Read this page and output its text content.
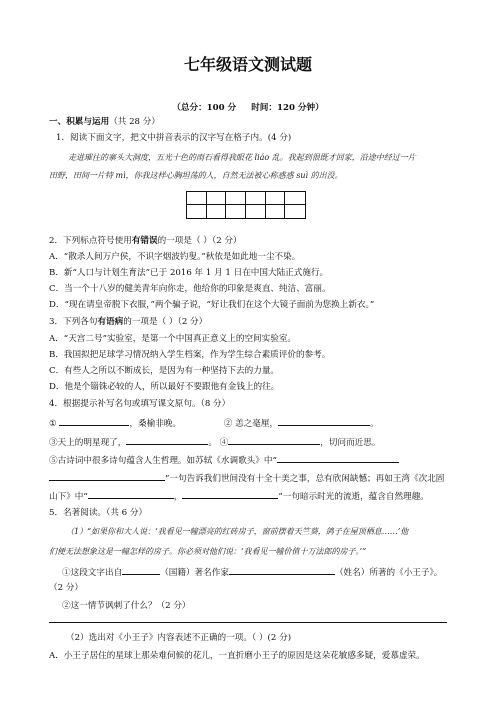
七年级语文测试题
（总分：100 分 时间：120 分钟）
一、积累与运用（共 28 分）
1．阅读下面文字，把文中拼音表示的汉字写在格子内。(4 分)
走进璀往的寨头大洞度，五光十色的雨石看得我眼花 liáo 乱。我起到很既才回家，沿途中经过一片
田野，田间一片特 mì，你我这样心胸坦荡的人，自然无法被心称惑惑 suì 的出没。
2．下列标点符号使用有错误的一项是（ ）（2 分）
A．“散杀人间万户侯，不识字烟波钓叟。”秋依是如此地一尘不染。
B．新“人口与计划生育法”已于 2016 年 1 月 1 日在中国大陆正式施行。
C．当一个十八岁的健美青年向你走，他给你的印象是爽直、纯洁、富丽。
D．“现在请皇帝脱下衣服，”两个骗子说，“好让我们在这个大镜子面前为您换上新衣。”
3．下列各句有语病的一项是（ ）（2 分）
A．“天宫二号”实验室，是第一个中国真正意义上的空间实验室。
B．我国拟把足球学习情况纳入学生档案，作为学生综合素质评价的参考。
C．有些人之所以不断成长，是因为有一种坚持下去的力量。
D．他是个锱铢必较的人，所以最好不要跟他有金钱上的往。
4．根据提示补写名句或填写课文原句。（8 分）
①	，桑榆非晚。	② 恙之毫厘，	。
③天上的明星现了，	。 ④	，切问而近思。
⑤古诗词中很多诗句蕴含人生哲理。如苏轼《水调歌头》中“
”一句告诉我们世间没有十全十美之事，总有欣闲缺憾；再如王湾《次北固
山下》中“	，	”一句暗示时光的流逝，蕴含自然理趣。
5．名著阅读。（共 6 分）
（1）“如果你和大人说：‘我看见一幢漂亮的红砖房子，窗前摆着天竺葵，鸽子在屋顶栖息……’他
们便无法想象这是一幢怎样的房子。你必须对他们说：‘我看见一幢价值十万法郎的房子。’”
①这段文字出自	（国籍）著名作家	（姓名）所著的《小王子》。
（2 分）
②这一情节讽刺了什么？（2 分）
（2）选出对《小王子》内容表述不正确的一项。（ ）(2 分)
A．小王子居住的星球上那朵难伺候的花儿，一直折磨小王子的原因是这朵花敏感多疑，爱慕虚荣。
